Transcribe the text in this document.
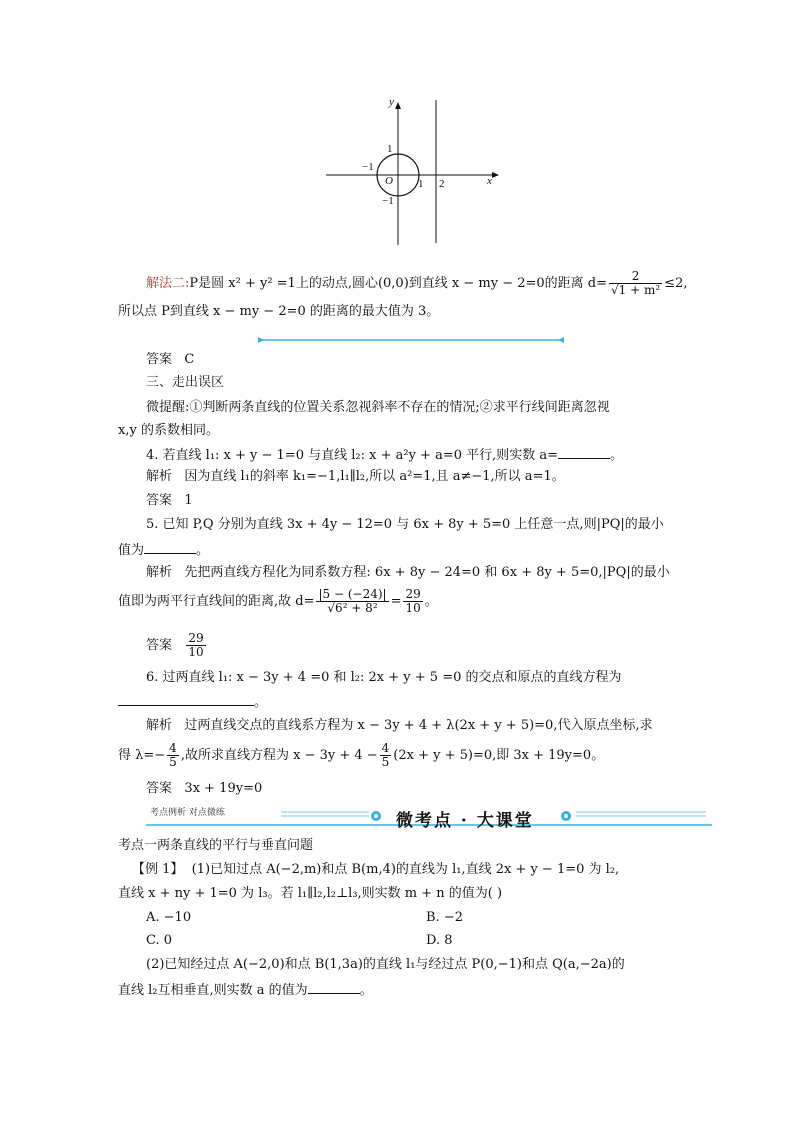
y
x
1
−1
O 1 2
−1
解法二:P是圆 x² + y² =1上的动点,圆心(0,0)到直线 x − my − 2=0的距离 $d= \frac{2}{\text{√1 + m²}} \le 2$,
所以点 P到直线 x − my − 2=0 的距离的最大值为 3。
答案 C
三、走出误区
微提醒:①判断两条直线的位置关系忽视斜率不存在的情况;②求平行线间距离忽视
x,y 的系数相同。
4. 若直线 l₁: x + y − 1=0 与直线 l₂: x + a²y + a=0 平行,则实数 a=	。
解析 因为直线 l₁的斜率 k₁=−1,l₁∥l₂,所以 a²=1,且 a≠−1,所以 a=1。
答案 1
5. 已知 P,Q 分别为直线 3x + 4y − 12=0 与 6x + 8y + 5=0 上任意一点,则|PQ|的最小
值为	。
解析 先把两直线方程化为同系数方程: 6x + 8y − 24=0 和 6x + 8y + 5=0,|PQ|的最小
值即为两平行直线间的距离,故 $d= \frac{|5 - (-24)|}{\text{√6² + 8²}} = \frac{29}{10}$ 。
答案 $\frac{29}{10}$
6. 过两直线 l₁: x − 3y + 4 =0 和 l₂: 2x + y + 5 =0 的交点和原点的直线方程为
。
解析 过两直线交点的直线系方程为 x − 3y + 4 + λ(2x + y + 5)=0,代入原点坐标,求
得 $\lambda=- \frac{4}{5}$ ,故所求直线方程为 $x - 3y + 4 - \frac{4}{5} (2x + y + 5)=0$,即 3x + 19y=0。
答案 3x + 19y=0
考点例析 对点微练	微考点 · 大课堂
考点一两条直线的平行与垂直问题
【例 1】 (1)已知过点 A(−2,m)和点 B(m,4)的直线为 l₁,直线 2x + y − 1=0 为 l₂,
直线 x + ny + 1=0 为 l₃。若 l₁∥l₂,l₂⊥l₃,则实数 m + n 的值为( )
A. −10	B. −2
C. 0	D. 8
(2)已知经过点 A(−2,0)和点 B(1,3a)的直线 l₁与经过点 P(0,−1)和点 Q(a,−2a)的
直线 l₂互相垂直,则实数 a 的值为	。
